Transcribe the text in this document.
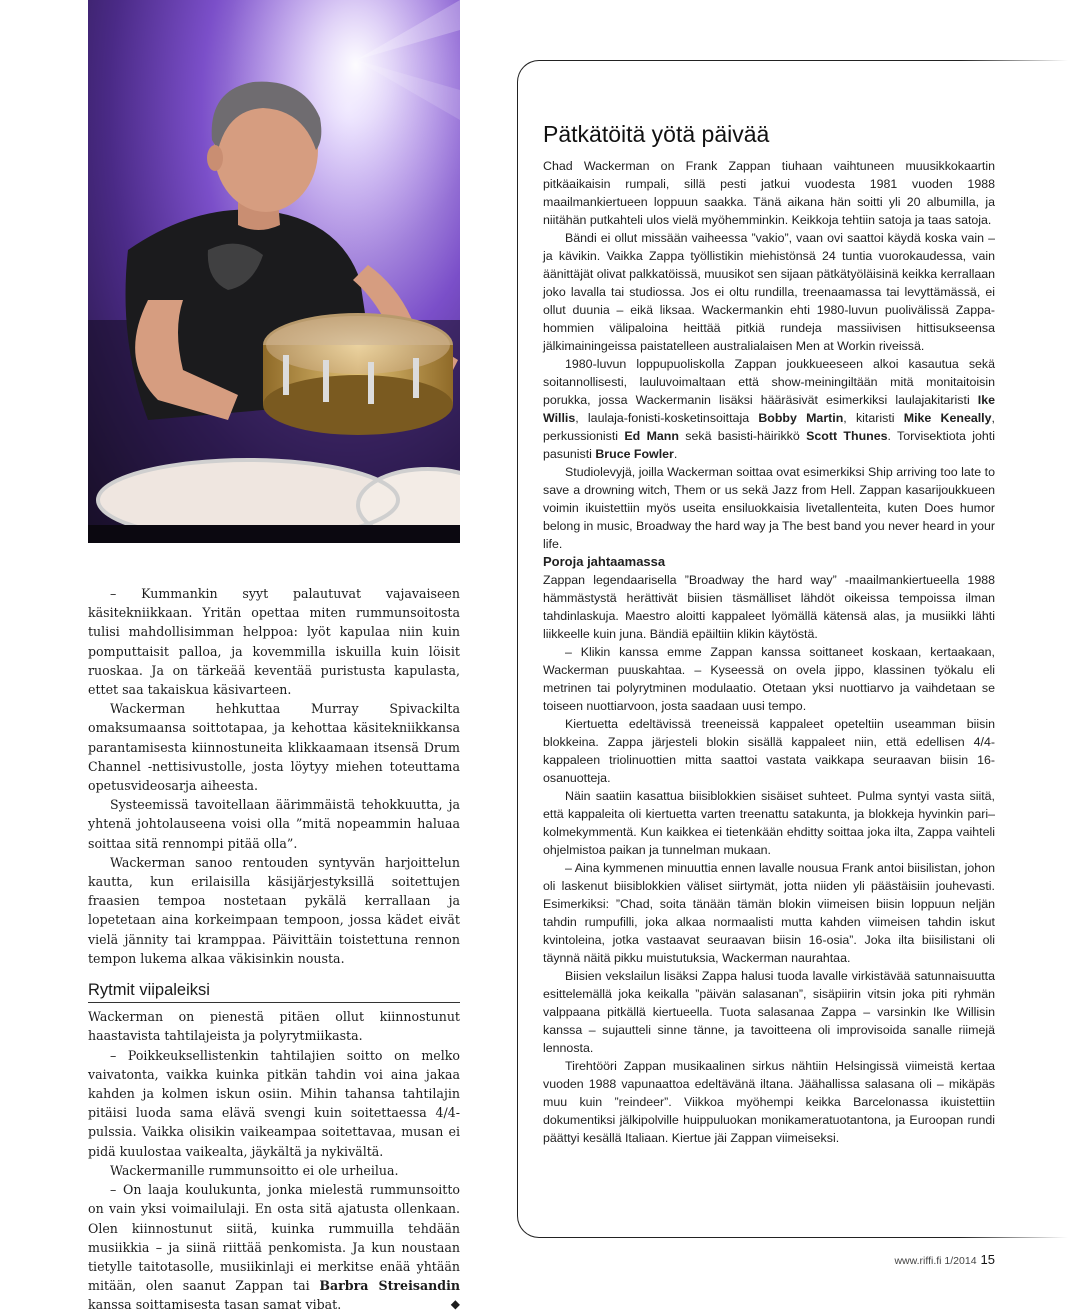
– Kummankin syyt palautuvat vajavaiseen käsitekniikkaan. Yritän opettaa miten rummunsoitosta tulisi mahdollisimman helppoa: lyöt kapulaa niin kuin pomputtaisit palloa, ja kovemmilla iskuilla kuin löisit ruoskaa. Ja on tärkeää keventää puristusta kapulasta, ettet saa takaiskua käsivarteen.

Wackerman hehkuttaa Murray Spivackilta omaksumaansa soittotapaa, ja kehottaa käsitekniikkansa parantamisesta kiinnostuneita klikkaamaan itsensä Drum Channel -nettisivustolle, josta löytyy miehen toteuttama opetusvideosarja aiheesta.

Systeemissä tavoitellaan äärimmäistä tehokkuutta, ja yhtenä johtolauseena voisi olla ”mitä nopeammin haluaa soittaa sitä rennompi pitää olla”.

Wackerman sanoo rentouden syntyvän harjoittelun kautta, kun erilaisilla käsijärjestyksillä soitettujen fraasien tempoa nostetaan pykälä kerrallaan ja lopetetaan aina korkeimpaan tempoon, jossa kädet eivät vielä jännity tai kramppaa. Päivittäin toistettuna rennon tempon lukema alkaa väkisinkin nousta.

Rytmit viipaleiksi

Wackerman on pienestä pitäen ollut kiinnostunut haastavista tahtilajeista ja polyrytmiikasta.

– Poikkeuksellistenkin tahtilajien soitto on melko vaivatonta, vaikka kuinka pitkän tahdin voi aina jakaa kahden ja kolmen iskun osiin. Mihin tahansa tahtilajin pitäisi luoda sama elävä svengi kuin soitettaessa 4/4-pulssia. Vaikka olisikin vaikeampaa soitettavaa, musan ei pidä kuulostaa vaikealta, jäykältä ja nykivältä.

Wackermanille rummunsoitto ei ole urheilua.

– On laaja koulukunta, jonka mielestä rummunsoitto on vain yksi voimailulaji. En osta sitä ajatusta ollenkaan. Olen kiinnostunut siitä, kuinka rummuilla tehdään musiikkia – ja siinä riittää penkomista. Ja kun noustaan tietylle taitotasolle, musiikinlaji ei merkitse enää yhtään mitään, olen saanut Zappan tai Barbra Streisandin kanssa soittamisesta tasan samat vibat.	◆

Pätkätöitä yötä päivää

Chad Wackerman on Frank Zappan tiuhaan vaihtuneen muusikkokaartin pitkäaikaisin rumpali, sillä pesti jatkui vuodesta 1981 vuoden 1988 maailmankiertueen loppuun saakka. Tänä aikana hän soitti yli 20 albumilla, ja niitähän putkahteli ulos vielä myöhemminkin. Keikkoja tehtiin satoja ja taas satoja.

Bändi ei ollut missään vaiheessa ”vakio”, vaan ovi saattoi käydä koska vain – ja kävikin. Vaikka Zappa työllistikin miehistönsä 24 tuntia vuorokaudessa, vain äänittäjät olivat palkkatöissä, muusikot sen sijaan pätkätyöläisinä keikka kerrallaan joko lavalla tai studiossa. Jos ei oltu rundilla, treenaamassa tai levyttämässä, ei ollut duunia – eikä liksaa. Wackermankin ehti 1980-luvun puolivälissä Zappa-hommien välipaloina heittää pitkiä rundeja massiivisen hittisukseensa jälkimainingeissa paistatelleen australialaisen Men at Workin riveissä.

1980-luvun loppupuoliskolla Zappan joukkueeseen alkoi kasautua sekä soitannollisesti, lauluvoimaltaan että show-meiningiltään mitä monitaitoisin porukka, jossa Wackermanin lisäksi hääräsivät esimerkiksi laulajakitaristi Ike Willis, laulaja-fonisti-kosketinsoittaja Bobby Martin, kitaristi Mike Keneally, perkussionisti Ed Mann sekä basisti-häirikkö Scott Thunes. Torvisektiota johti pasunisti Bruce Fowler.

Studiolevyjä, joilla Wackerman soittaa ovat esimerkiksi Ship arriving too late to save a drowning witch, Them or us sekä Jazz from Hell. Zappan kasarijoukkueen voimin ikuistettiin myös useita ensiluokkaisia livetallenteita, kuten Does humor belong in music, Broadway the hard way ja The best band you never heard in your life.

Poroja jahtaamassa

Zappan legendaarisella ”Broadway the hard way” -maailmankiertueella 1988 hämmästystä herättivät biisien täsmälliset lähdöt oikeissa tempoissa ilman tahdinlaskuja. Maestro aloitti kappaleet lyömällä kätensä alas, ja musiikki lähti liikkeelle kuin juna. Bändiä epäiltiin klikin käytöstä.

– Klikin kanssa emme Zappan kanssa soittaneet koskaan, kertaakaan, Wackerman puuskahtaa. – Kyseessä on ovela jippo, klassinen työkalu eli metrinen tai polyrytminen modulaatio. Otetaan yksi nuottiarvo ja vaihdetaan se toiseen nuottiarvoon, josta saadaan uusi tempo.

Kiertuetta edeltävissä treeneissä kappaleet opeteltiin useamman biisin blokkeina. Zappa järjesteli blokin sisällä kappaleet niin, että edellisen 4/4-kappaleen triolinuottien mitta saattoi vastata vaikkapa seuraavan biisin 16-osanuotteja.

Näin saatiin kasattua biisiblokkien sisäiset suhteet. Pulma syntyi vasta siitä, että kappaleita oli kiertuetta varten treenattu satakunta, ja blokkeja hyvinkin pari–kolmekymmentä. Kun kaikkea ei tietenkään ehditty soittaa joka ilta, Zappa vaihteli ohjelmistoa paikan ja tunnelman mukaan.

– Aina kymmenen minuuttia ennen lavalle nousua Frank antoi biisilistan, johon oli laskenut biisiblokkien väliset siirtymät, jotta niiden yli päästäisiin jouhevasti. Esimerkiksi: ”Chad, soita tänään tämän blokin viimeisen biisin loppuun neljän tahdin rumpufilli, joka alkaa normaalisti mutta kahden viimeisen tahdin iskut kvintoleina, jotka vastaavat seuraavan biisin 16-osia”. Joka ilta biisilistani oli täynnä näitä pikku muistutuksia, Wackerman naurahtaa.

Biisien vekslailun lisäksi Zappa halusi tuoda lavalle virkistävää satunnaisuutta esittelemällä joka keikalla ”päivän salasanan”, sisäpiirin vitsin joka piti ryhmän valppaana pitkällä kiertueella. Tuota salasanaa Zappa – varsinkin Ike Willisin kanssa – sujautteli sinne tänne, ja tavoitteena oli improvisoida sanalle riimejä lennosta.

Tirehtööri Zappan musikaalinen sirkus nähtiin Helsingissä viimeistä kertaa vuoden 1988 vapunaattoa edeltävänä iltana. Jäähallissa salasana oli – mikäpäs muu kuin ”reindeer”. Viikkoa myöhempi keikka Barcelonassa ikuistettiin dokumentiksi jälkipolville huippuluokan monikameratuotantona, ja Euroopan rundi päättyi kesällä Italiaan. Kiertue jäi Zappan viimeiseksi.

www.riffi.fi 1/2014 15
